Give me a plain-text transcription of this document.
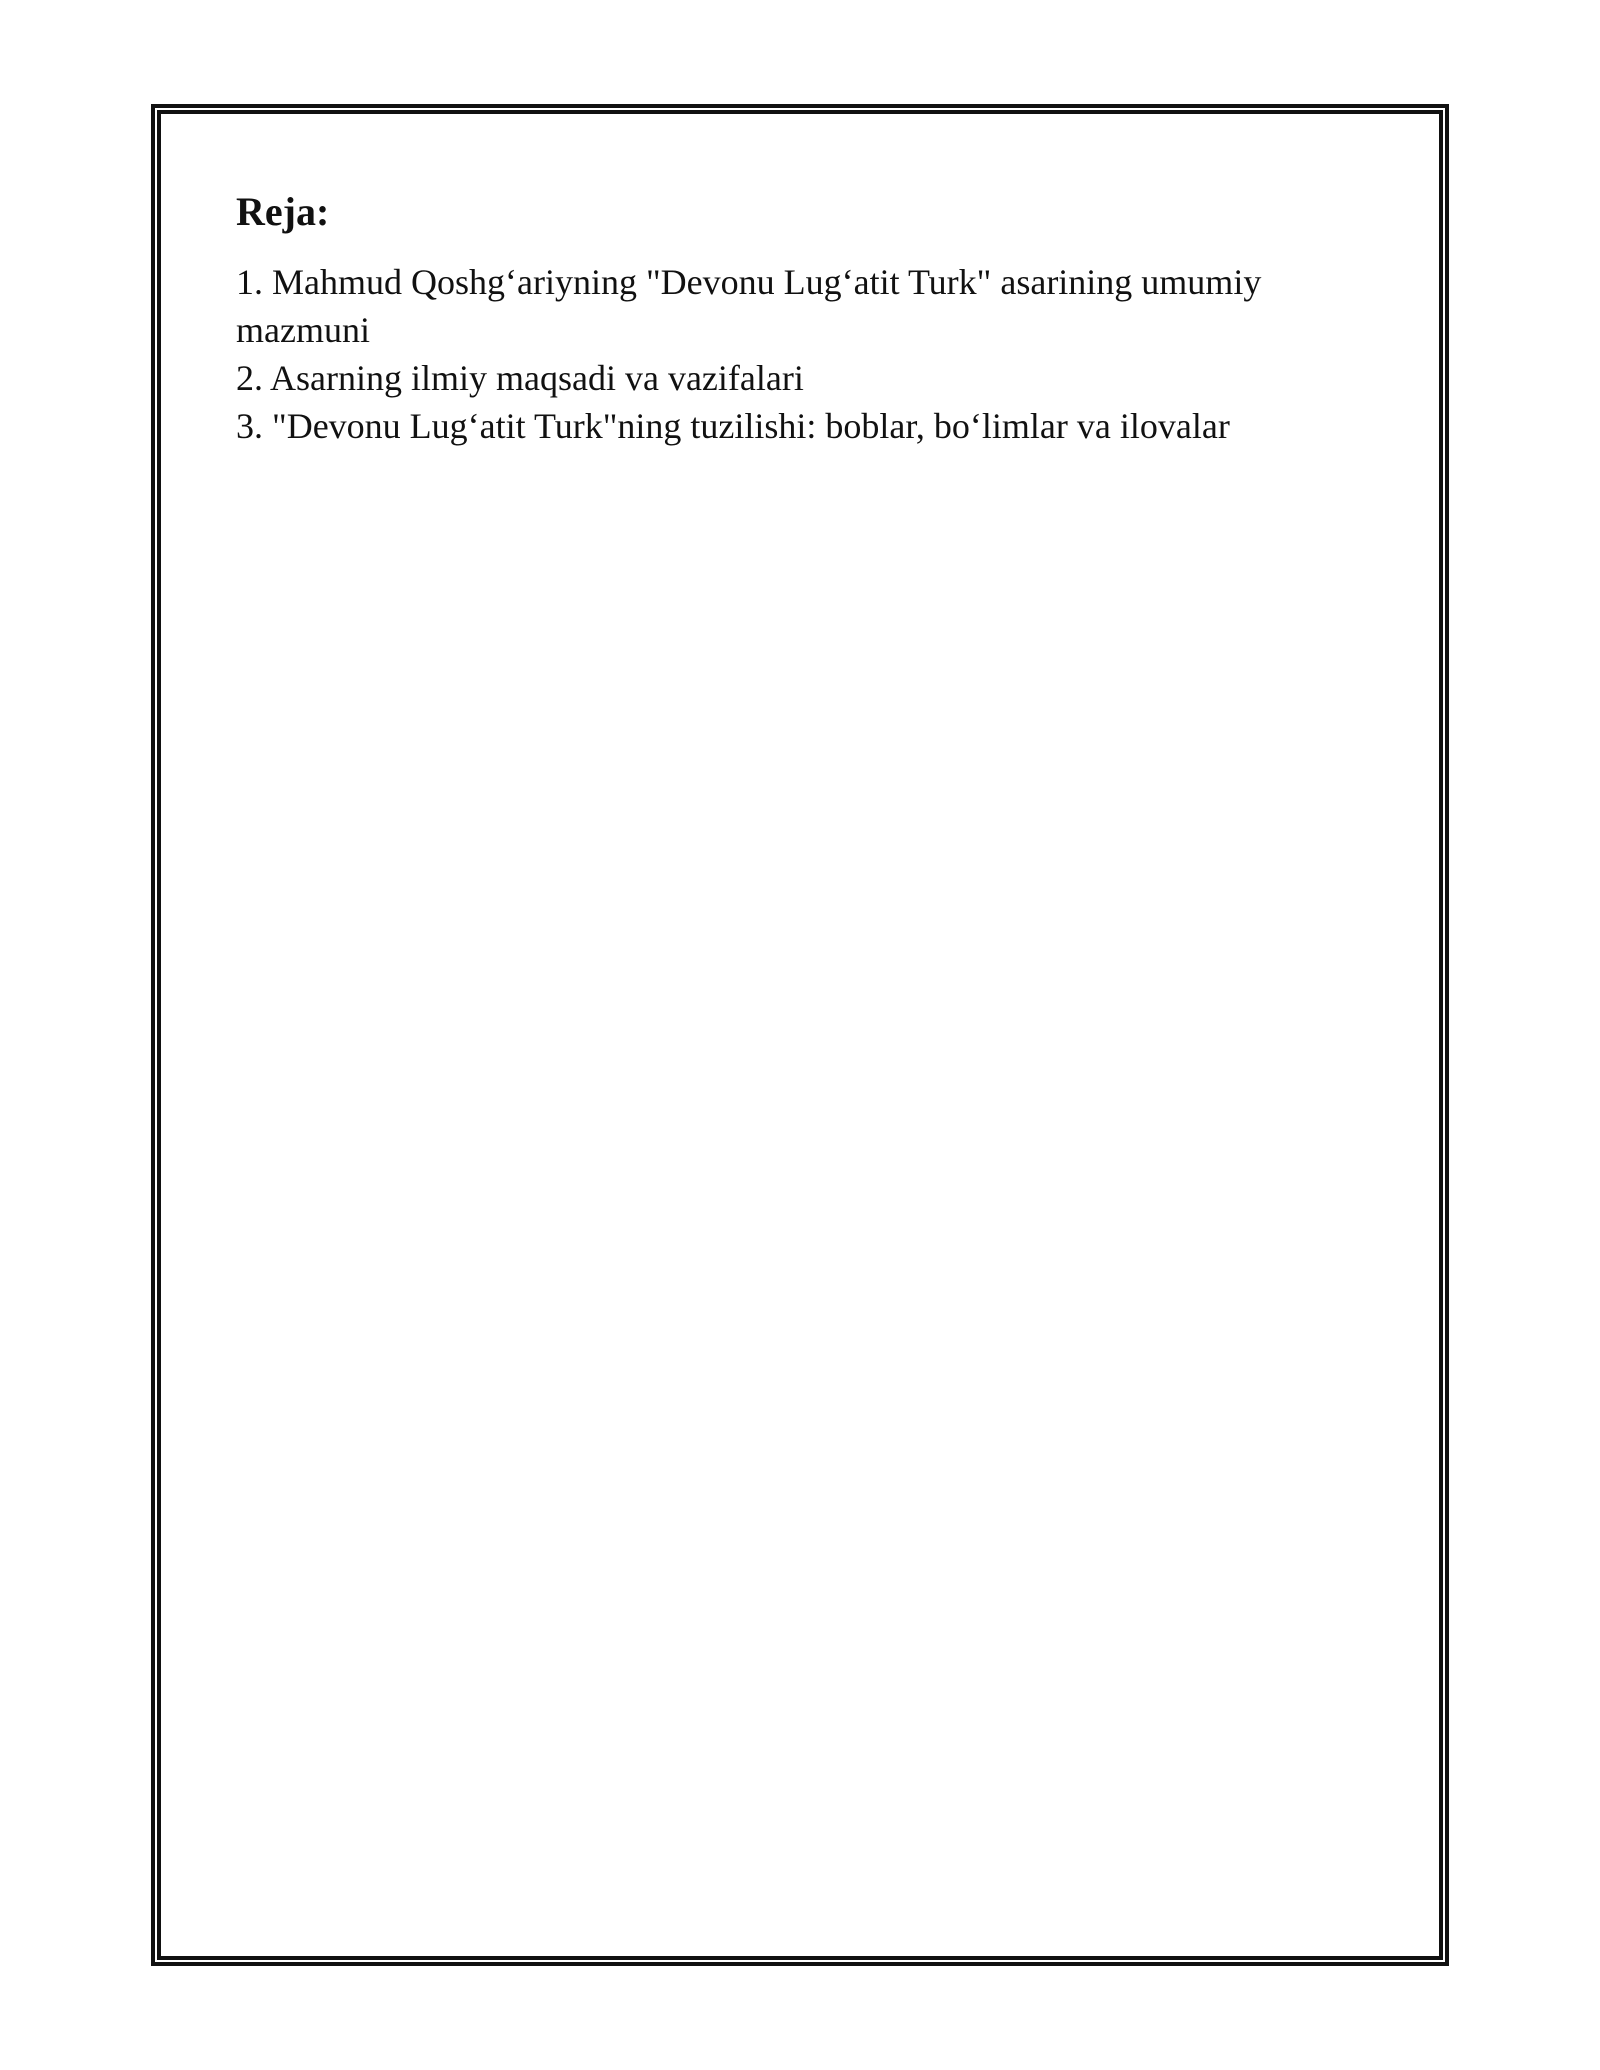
Reja:
1. Mahmud Qoshg‘ariyning "Devonu Lug‘atit Turk" asarining umumiy mazmuni
2. Asarning ilmiy maqsadi va vazifalari
3. "Devonu Lug‘atit Turk"ning tuzilishi: boblar, bo‘limlar va ilovalar
